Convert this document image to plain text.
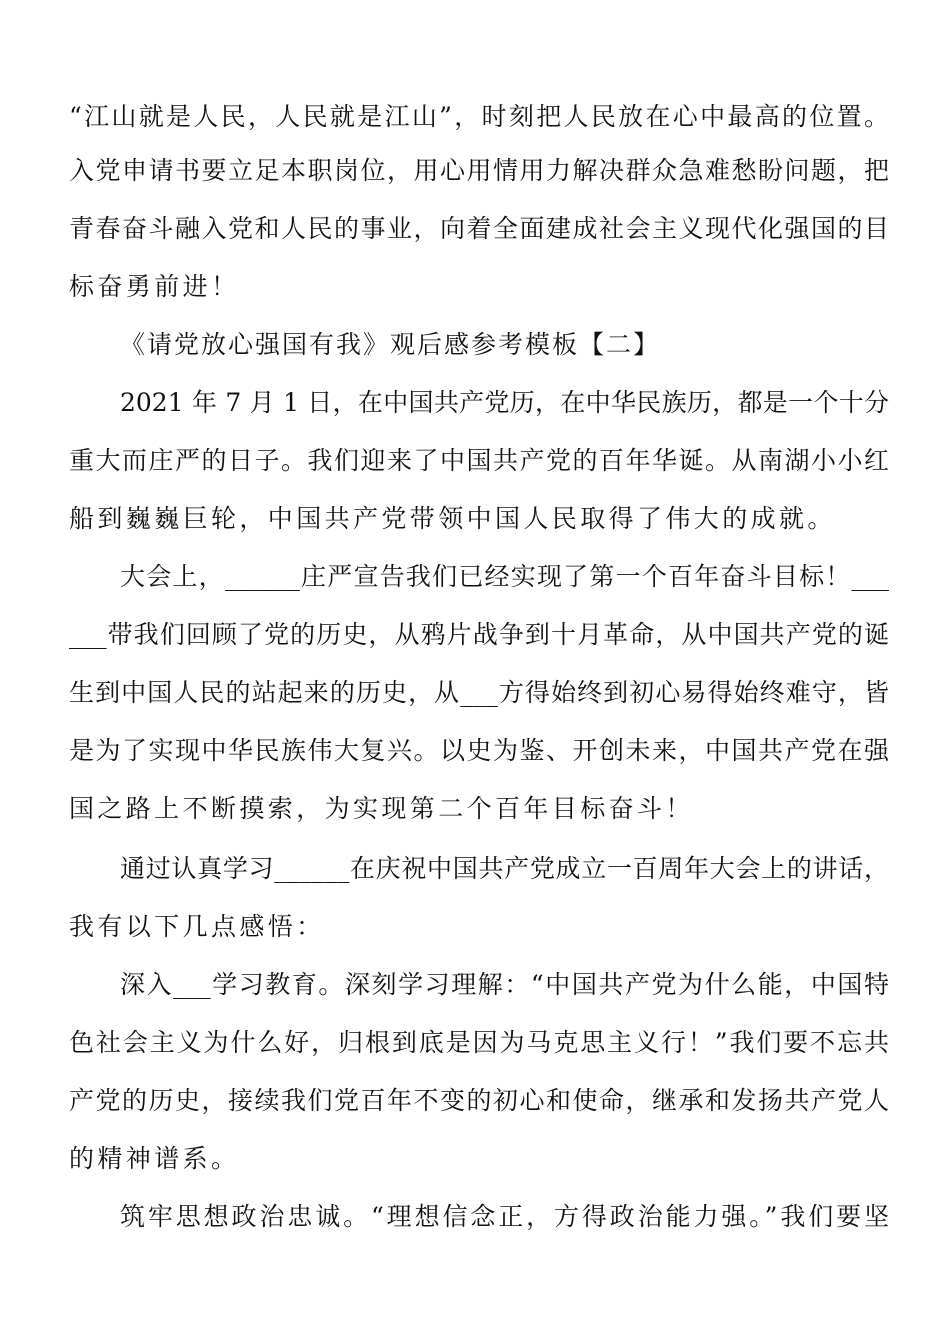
“江山就是人民，人民就是江山”，时刻把人民放在心中最高的位置。
入党申请书要立足本职岗位，用心用情用力解决群众急难愁盼问题，把
青春奋斗融入党和人民的事业，向着全面建成社会主义现代化强国的目
标奋勇前进！
《请党放心强国有我》观后感参考模板【二】
2021 年 7 月 1 日，在中国共产党历，在中华民族历，都是一个十分
重大而庄严的日子。我们迎来了中国共产党的百年华诞。从南湖小小红
船到巍巍巨轮，中国共产党带领中国人民取得了伟大的成就。
大会上，______庄严宣告我们已经实现了第一个百年奋斗目标！___
___带我们回顾了党的历史，从鸦片战争到十月革命，从中国共产党的诞
生到中国人民的站起来的历史，从___方得始终到初心易得始终难守，皆
是为了实现中华民族伟大复兴。以史为鉴、开创未来，中国共产党在强
国之路上不断摸索，为实现第二个百年目标奋斗！
通过认真学习______在庆祝中国共产党成立一百周年大会上的讲话，
我有以下几点感悟：
深入___学习教育。深刻学习理解：“中国共产党为什么能，中国特
色社会主义为什么好，归根到底是因为马克思主义行！”我们要不忘共
产党的历史，接续我们党百年不变的初心和使命，继承和发扬共产党人
的精神谱系。
筑牢思想政治忠诚。“理想信念正，方得政治能力强。”我们要坚
